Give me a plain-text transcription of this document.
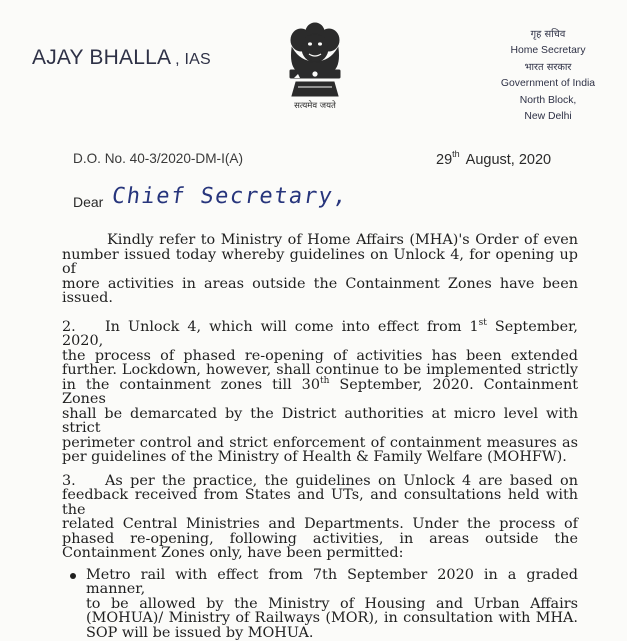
AJAY BHALLA , IAS
सत्यमेव जयते
गृह सचिव
Home Secretary
भारत सरकार
Government of India
North Block,
New Delhi
D.O. No. 40-3/2020-DM-I(A)	29th August, 2020
Dear Chief Secretary,

Kindly refer to Ministry of Home Affairs (MHA)'s Order of even
number issued today whereby guidelines on Unlock 4, for opening up of
more activities in areas outside the Containment Zones have been
issued.

2. In Unlock 4, which will come into effect from 1st September, 2020,
the process of phased re-opening of activities has been extended
further. Lockdown, however, shall continue to be implemented strictly
in the containment zones till 30th September, 2020. Containment Zones
shall be demarcated by the District authorities at micro level with strict
perimeter control and strict enforcement of containment measures as
per guidelines of the Ministry of Health & Family Welfare (MOHFW).

3. As per the practice, the guidelines on Unlock 4 are based on
feedback received from States and UTs, and consultations held with the
related Central Ministries and Departments. Under the process of
phased re-opening, following activities, in areas outside the
Containment Zones only, have been permitted:

Metro rail with effect from 7th September 2020 in a graded manner,
to be allowed by the Ministry of Housing and Urban Affairs
(MOHUA)/ Ministry of Railways (MOR), in consultation with MHA.
SOP will be issued by MOHUA.
